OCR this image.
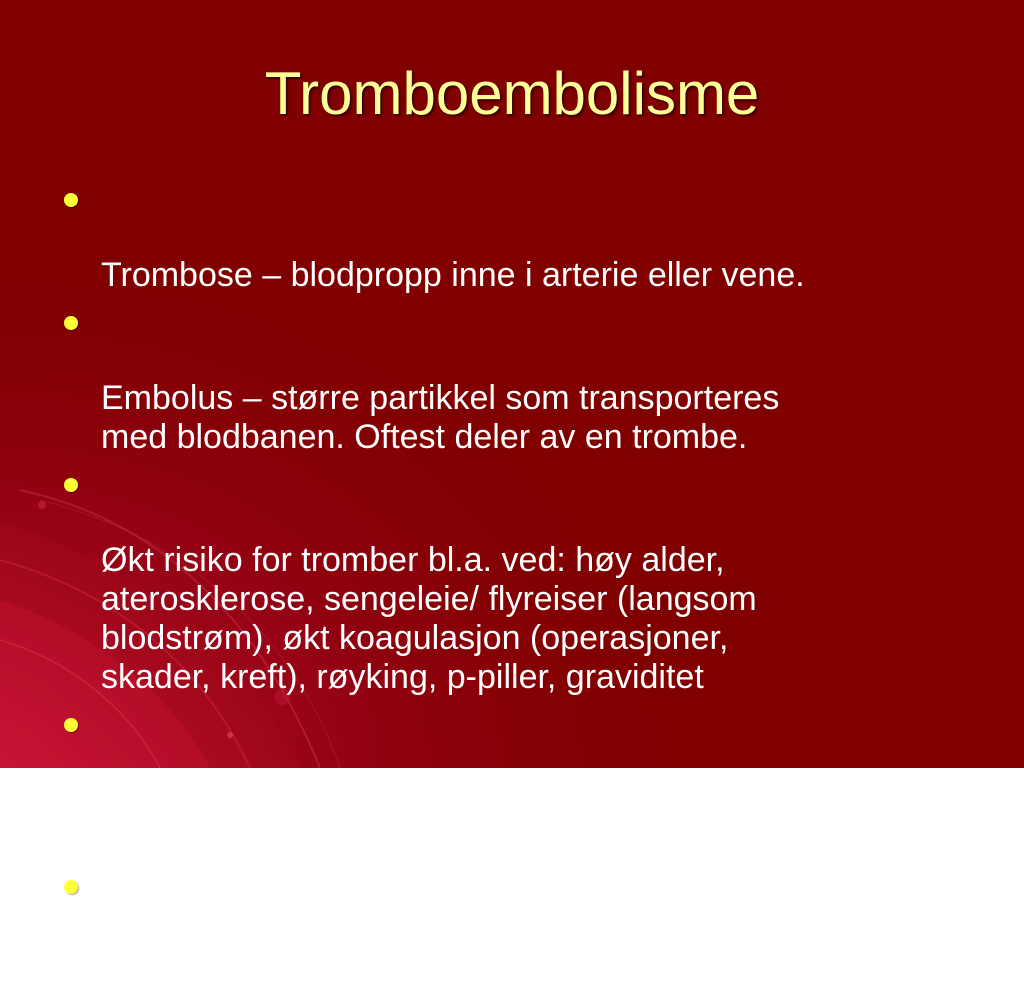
Tromboembolisme

Trombose – blodpropp inne i arterie eller vene.

Embolus – større partikkel som transporteres
med blodbanen. Oftest deler av en trombe.

Økt risiko for tromber bl.a. ved: høy alder,
aterosklerose, sengeleie/ flyreiser (langsom
blodstrøm), økt koagulasjon (operasjoner,
skader, kreft), røyking, p-piller, graviditet

Faren ved arterielle tromber/ embolier: stopp i
blodtilførselen => infarkt

Dyp venetrombose kan gi lungeemboli
